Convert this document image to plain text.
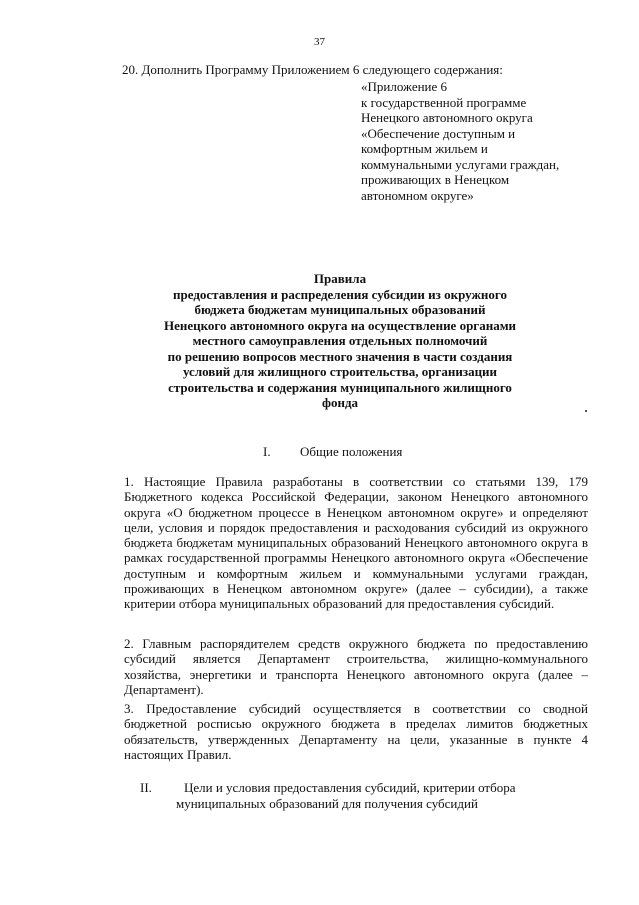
37
20. Дополнить Программу Приложением 6 следующего содержания:
«Приложение 6
к государственной программе
Ненецкого автономного округа
«Обеспечение доступным и
комфортным жильем и
коммунальными услугами граждан,
проживающих в Ненецком
автономном округе»
Правила
предоставления и распределения субсидии из окружного
бюджета бюджетам муниципальных образований
Ненецкого автономного округа на осуществление органами
местного самоуправления отдельных полномочий
по решению вопросов местного значения в части создания
условий для жилищного строительства, организации
строительства и содержания муниципального жилищного
фонда
I. Общие положения

1. Настоящие Правила разработаны в соответствии со статьями 139, 179 Бюджетного кодекса Российской Федерации, законом Ненецкого автономного округа «О бюджетном процессе в Ненецком автономном округе» и определяют цели, условия и порядок предоставления и расходования субсидий из окружного бюджета бюджетам муниципальных образований Ненецкого автономного округа в рамках государственной программы Ненецкого автономного округа «Обеспечение доступным и комфортным жильем и коммунальными услугами граждан, проживающих в Ненецком автономном округе» (далее – субсидии), а также критерии отбора муниципальных образований для предоставления субсидий.

2. Главным распорядителем средств окружного бюджета по предоставлению субсидий является Департамент строительства, жилищно-коммунального хозяйства, энергетики и транспорта Ненецкого автономного округа (далее – Департамент).

3. Предоставление субсидий осуществляется в соответствии со сводной бюджетной росписью окружного бюджета в пределах лимитов бюджетных обязательств, утвержденных Департаменту на цели, указанные в пункте 4 настоящих Правил.

II. Цели и условия предоставления субсидий, критерии отбора
муниципальных образований для получения субсидий
